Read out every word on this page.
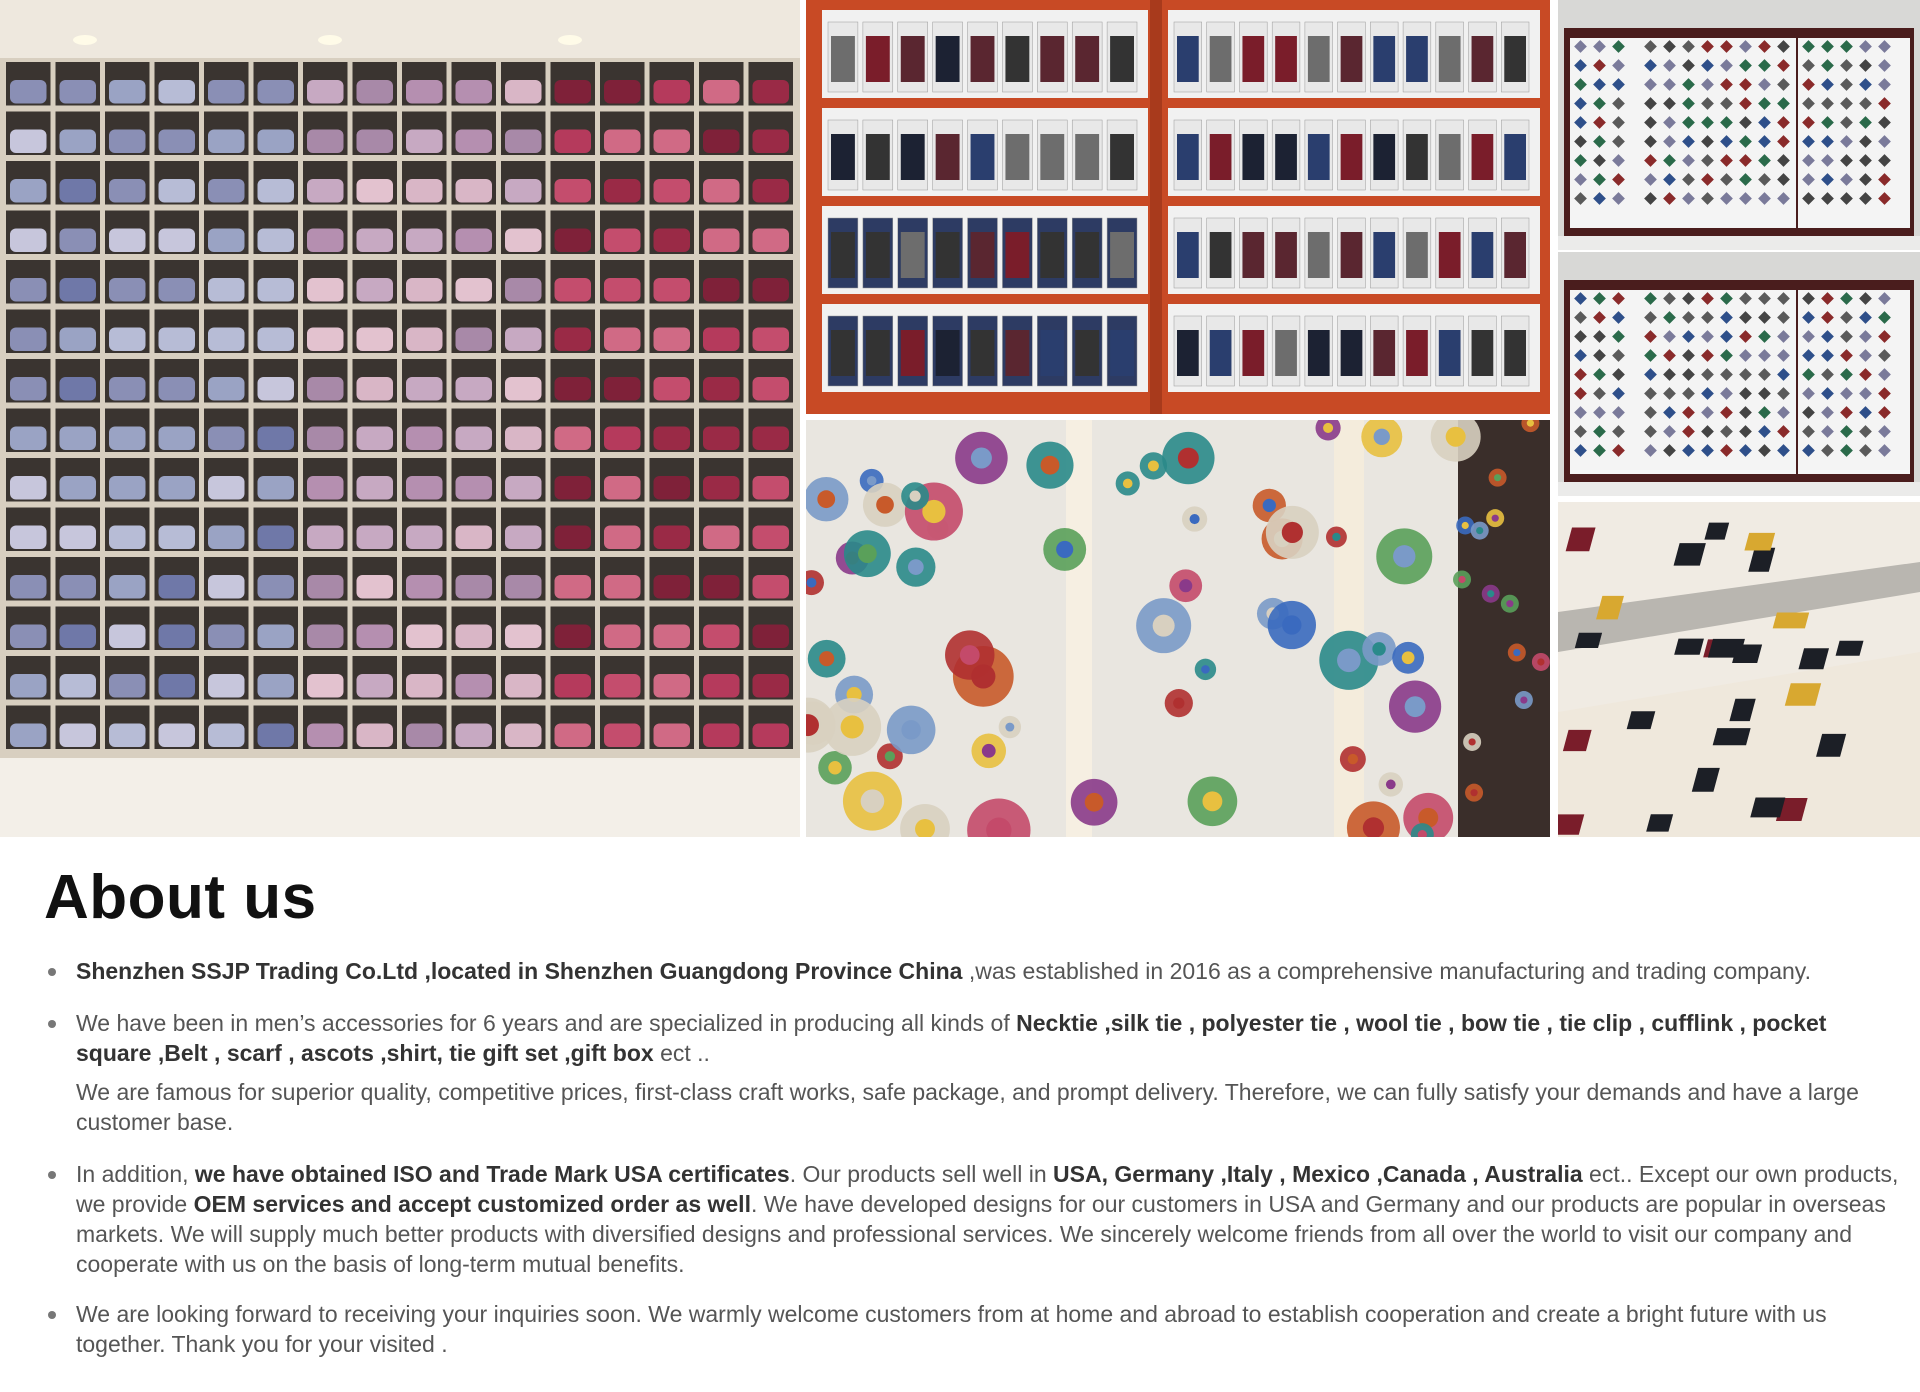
About us

Shenzhen SSJP Trading Co.Ltd ,located in Shenzhen Guangdong Province China ,was established in 2016 as a comprehensive manufacturing and trading company.

We have been in men’s accessories for 6 years and are specialized in producing all kinds of Necktie ,silk tie , polyester tie , wool tie , bow tie , tie clip , cufflink , pocket square ,Belt , scarf , ascots ,shirt, tie gift set ,gift box ect ..

We are famous for superior quality, competitive prices, first-class craft works, safe package, and prompt delivery. Therefore, we can fully satisfy your demands and have a large customer base.

In addition, we have obtained ISO and Trade Mark USA certificates. Our products sell well in USA, Germany ,Italy , Mexico ,Canada , Australia ect.. Except our own products, we provide OEM services and accept customized order as well. We have developed designs for our customers in USA and Germany and our products are popular in overseas markets. We will supply much better products with diversified designs and professional services. We sincerely welcome friends from all over the world to visit our company and cooperate with us on the basis of long-term mutual benefits.

We are looking forward to receiving your inquiries soon. We warmly welcome customers from at home and abroad to establish cooperation and create a bright future with us together. Thank you for your visited .
